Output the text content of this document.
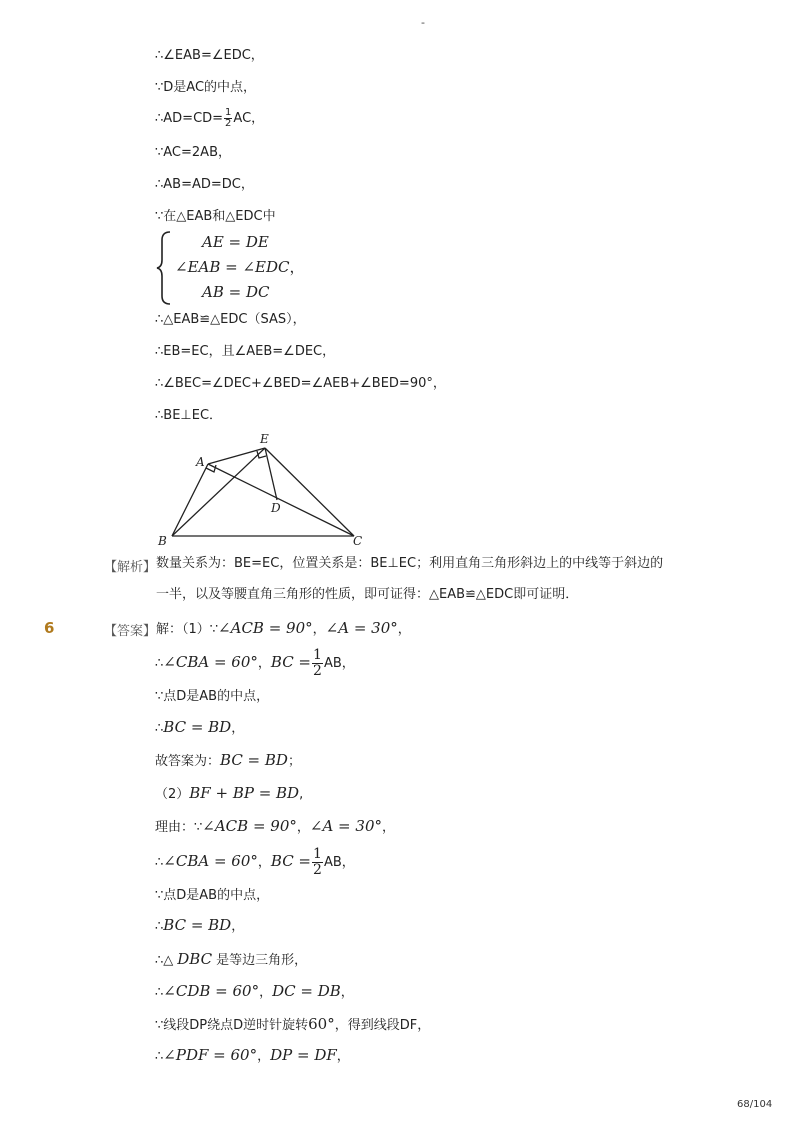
-
∴∠EAB=∠EDC，
∵D是AC的中点，
∴AD=CD= $\frac{1}{2}$ AC，
∵AC=2AB，
∴AB=AD=DC，
∵在△EAB和△EDC中
AE = DE
∠EAB = ∠EDC，
AB = DC
∴△EAB≌△EDC（SAS），
∴EB=EC，且∠AEB=∠DEC，
∴∠BEC=∠DEC+∠BED=∠AEB+∠BED=90°，
∴BE⊥EC．
A
E
D
B	C
【解析】 数量关系为：BE=EC，位置关系是：BE⊥EC；利用直角三角形斜边上的中线等于斜边的
一半，以及等腰直角三角形的性质，即可证得：△EAB≌△EDC即可证明．
6	【答案】 解：（1）∵∠ACB = 90°，∠A = 30°，
∴∠CBA = 60°，BC = $\frac{1}{2}$ AB，
∵点D是AB的中点，
∴BC = BD，
故答案为：BC = BD；
（2）BF + BP = BD,
理由：∵∠ACB = 90°，∠A = 30°，
∴∠CBA = 60°，BC = $\frac{1}{2}$ AB，
∵点D是AB的中点，
∴BC = BD，
∴△ DBC 是等边三角形，
∴∠CDB = 60°，DC = DB，
∵线段DP绕点D逆时针旋转60°，得到线段DF，
∴∠PDF = 60°，DP = DF，
68/104
